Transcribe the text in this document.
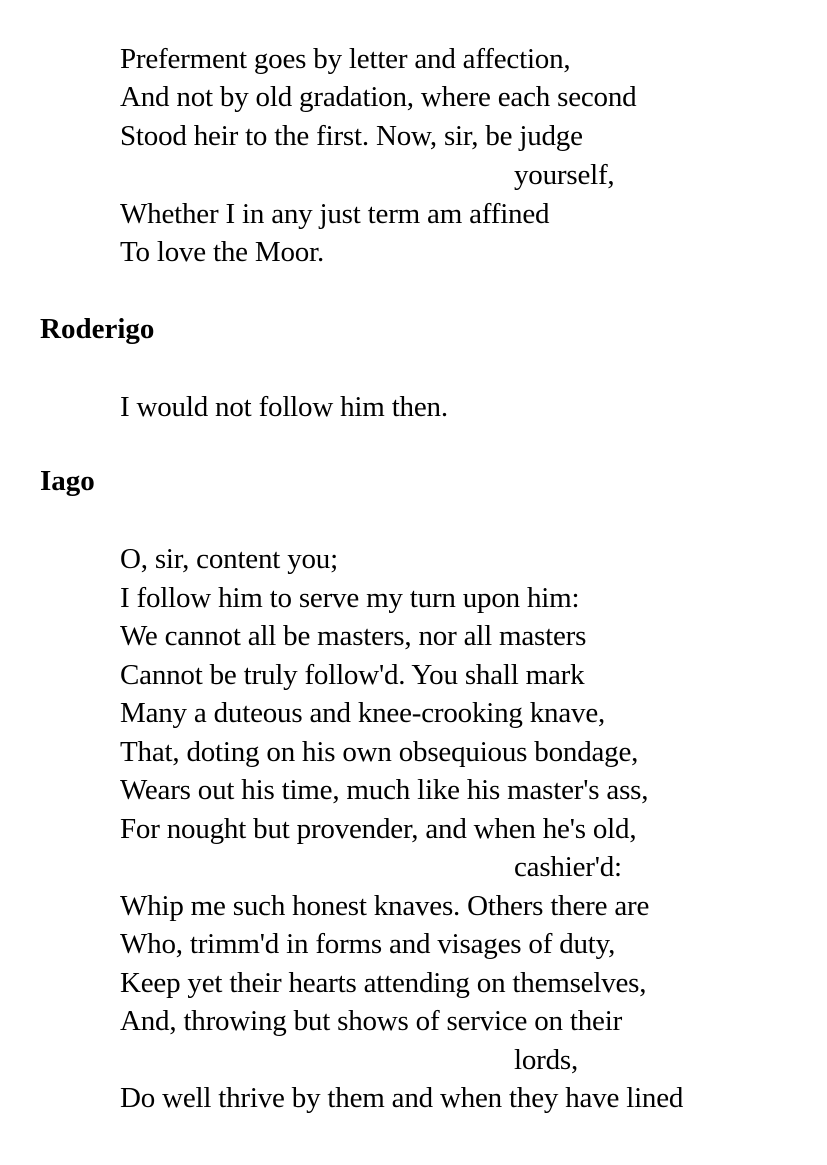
Preferment goes by letter and affection,
And not by old gradation, where each second
Stood heir to the first. Now, sir, be judge
yourself,
Whether I in any just term am affined
To love the Moor.
Roderigo
I would not follow him then.
Iago
O, sir, content you;
I follow him to serve my turn upon him:
We cannot all be masters, nor all masters
Cannot be truly follow'd. You shall mark
Many a duteous and knee-crooking knave,
That, doting on his own obsequious bondage,
Wears out his time, much like his master's ass,
For nought but provender, and when he's old,
cashier'd:
Whip me such honest knaves. Others there are
Who, trimm'd in forms and visages of duty,
Keep yet their hearts attending on themselves,
And, throwing but shows of service on their
lords,
Do well thrive by them and when they have lined
